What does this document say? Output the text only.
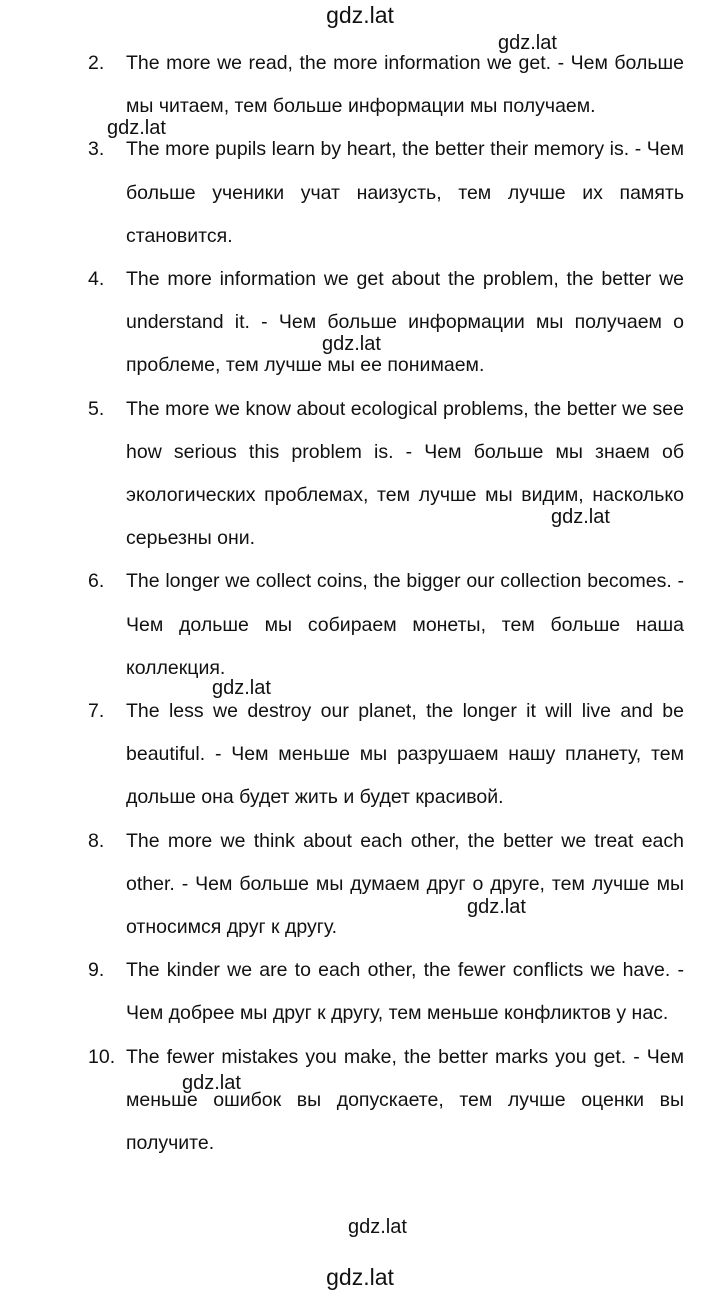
gdz.lat
2.	The more we read, the more information we get. - Чем больше мы читаем, тем больше информации мы получаем.
3.	The more pupils learn by heart, the better their memory is. - Чем больше ученики учат наизусть, тем лучше их память становится.
4.	The more information we get about the problem, the better we understand it. - Чем больше информации мы получаем о проблеме, тем лучше мы ее понимаем.
5.	The more we know about ecological problems, the better we see how serious this problem is. - Чем больше мы знаем об экологических проблемах, тем лучше мы видим, насколько серьезны они.
6.	The longer we collect coins, the bigger our collection becomes. - Чем дольше мы собираем монеты, тем больше наша коллекция.
7.	The less we destroy our planet, the longer it will live and be beautiful. - Чем меньше мы разрушаем нашу планету, тем дольше она будет жить и будет красивой.
8.	The more we think about each other, the better we treat each other. - Чем больше мы думаем друг о друге, тем лучше мы относимся друг к другу.
9.	The kinder we are to each other, the fewer conflicts we have. - Чем добрее мы друг к другу, тем меньше конфликтов у нас.
10. The fewer mistakes you make, the better marks you get. - Чем меньше ошибок вы допускаете, тем лучше оценки вы получите.
gdz.lat
gdz.lat
gdz.lat
gdz.lat
gdz.lat
gdz.lat
gdz.lat
gdz.lat
gdz.lat
